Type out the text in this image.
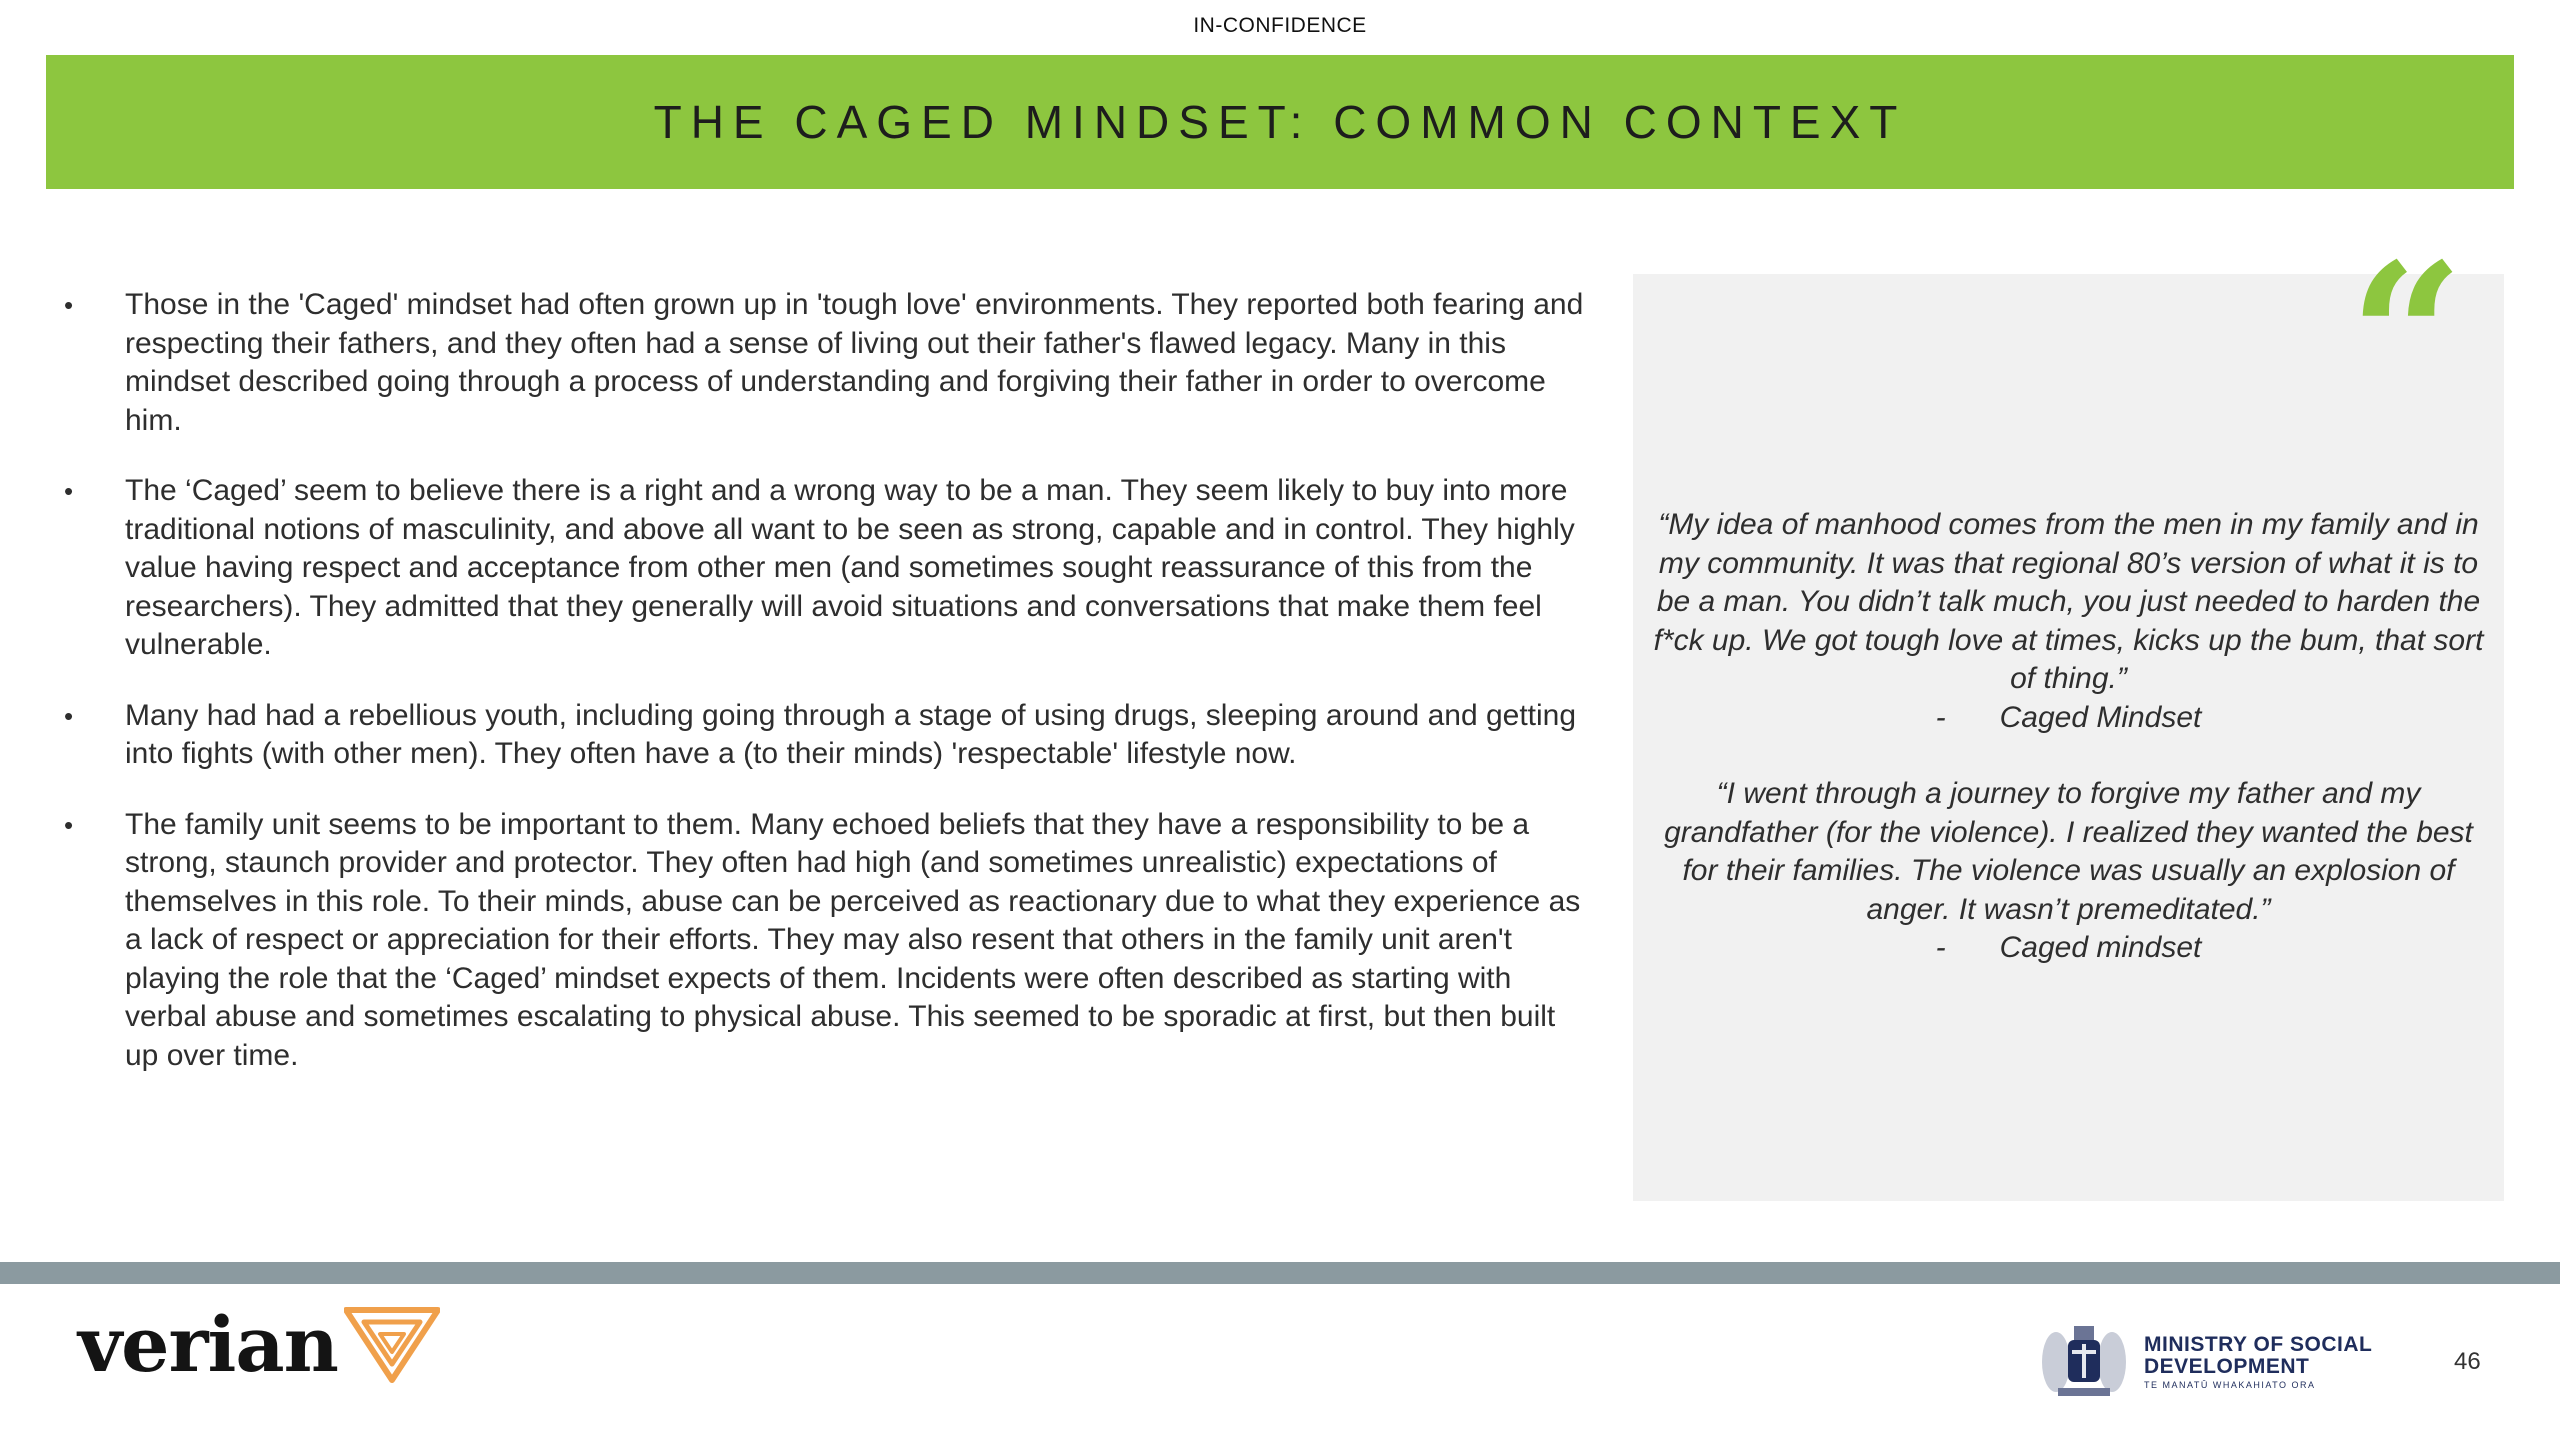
IN-CONFIDENCE
THE CAGED MINDSET: COMMON CONTEXT
• Those in the 'Caged' mindset had often grown up in 'tough love' environments. They reported both fearing and respecting their fathers, and they often had a sense of living out their father's flawed legacy. Many in this mindset described going through a process of understanding and forgiving their father in order to overcome him.
• The ‘Caged’ seem to believe there is a right and a wrong way to be a man. They seem likely to buy into more traditional notions of masculinity, and above all want to be seen as strong, capable and in control. They highly value having respect and acceptance from other men (and sometimes sought reassurance of this from the researchers). They admitted that they generally will avoid situations and conversations that make them feel vulnerable.
• Many had had a rebellious youth, including going through a stage of using drugs, sleeping around and getting into fights (with other men). They often have a (to their minds) 'respectable' lifestyle now.
• The family unit seems to be important to them. Many echoed beliefs that they have a responsibility to be a strong, staunch provider and protector. They often had high (and sometimes unrealistic) expectations of themselves in this role. To their minds, abuse can be perceived as reactionary due to what they experience as a lack of respect or appreciation for their efforts. They may also resent that others in the family unit aren't playing the role that the ‘Caged’ mindset expects of them. Incidents were often described as starting with verbal abuse and sometimes escalating to physical abuse. This seemed to be sporadic at first, but then built up over time.
“
“My idea of manhood comes from the men in my family and in my community. It was that regional 80’s version of what it is to be a man. You didn’t talk much, you just needed to harden the f*ck up. We got tough love at times, kicks up the bum, that sort of thing.”
- Caged Mindset
“I went through a journey to forgive my father and my grandfather (for the violence). I realized they wanted the best for their families. The violence was usually an explosion of anger. It wasn’t premeditated.”
- Caged mindset
verian	MINISTRY OF SOCIAL
DEVELOPMENT
TE MANATŪ WHAKAHIATO ORA
46
